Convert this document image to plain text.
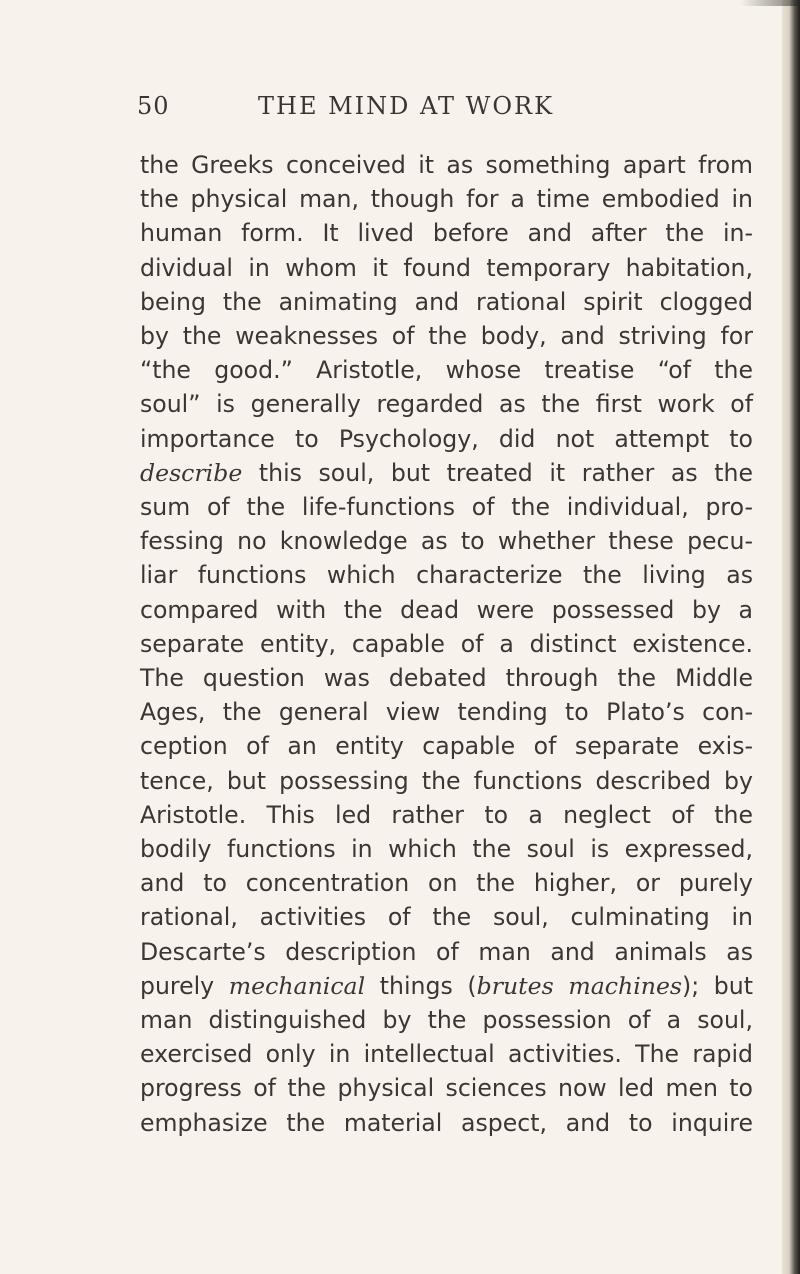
50	THE MIND AT WORK
the Greeks conceived it as something apart from
the physical man, though for a time embodied in
human form. It lived before and after the in-
dividual in whom it found temporary habitation,
being the animating and rational spirit clogged
by the weaknesses of the body, and striving for
“the good.” Aristotle, whose treatise “of the
soul” is generally regarded as the first work of
importance to Psychology, did not attempt to
describe this soul, but treated it rather as the
sum of the life-functions of the individual, pro-
fessing no knowledge as to whether these pecu-
liar functions which characterize the living as
compared with the dead were possessed by a
separate entity, capable of a distinct existence.
The question was debated through the Middle
Ages, the general view tending to Plato’s con-
ception of an entity capable of separate exis-
tence, but possessing the functions described by
Aristotle. This led rather to a neglect of the
bodily functions in which the soul is expressed,
and to concentration on the higher, or purely
rational, activities of the soul, culminating in
Descarte’s description of man and animals as
purely mechanical things (brutes machines); but
man distinguished by the possession of a soul,
exercised only in intellectual activities. The rapid
progress of the physical sciences now led men to
emphasize the material aspect, and to inquire
